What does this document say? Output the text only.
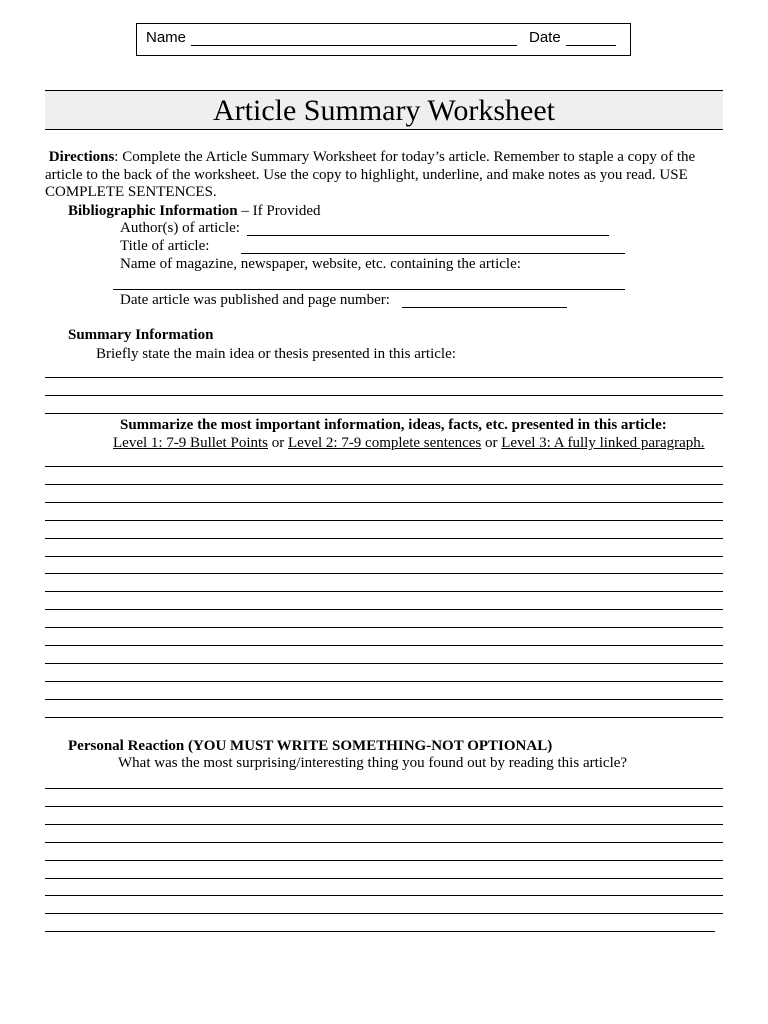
Name	Date
Article Summary Worksheet
Directions: Complete the Article Summary Worksheet for today’s article. Remember to staple a copy of the article to the back of the worksheet. Use the copy to highlight, underline, and make notes as you read. USE COMPLETE SENTENCES.
Bibliographic Information – If Provided
Author(s) of article:
Title of article:
Name of magazine, newspaper, website, etc. containing the article:
Date article was published and page number:
Summary Information
Briefly state the main idea or thesis presented in this article:
Summarize the most important information, ideas, facts, etc. presented in this article:
Level 1: 7-9 Bullet Points or Level 2: 7-9 complete sentences or Level 3: A fully linked paragraph.
Personal Reaction (YOU MUST WRITE SOMETHING-NOT OPTIONAL)
What was the most surprising/interesting thing you found out by reading this article?
